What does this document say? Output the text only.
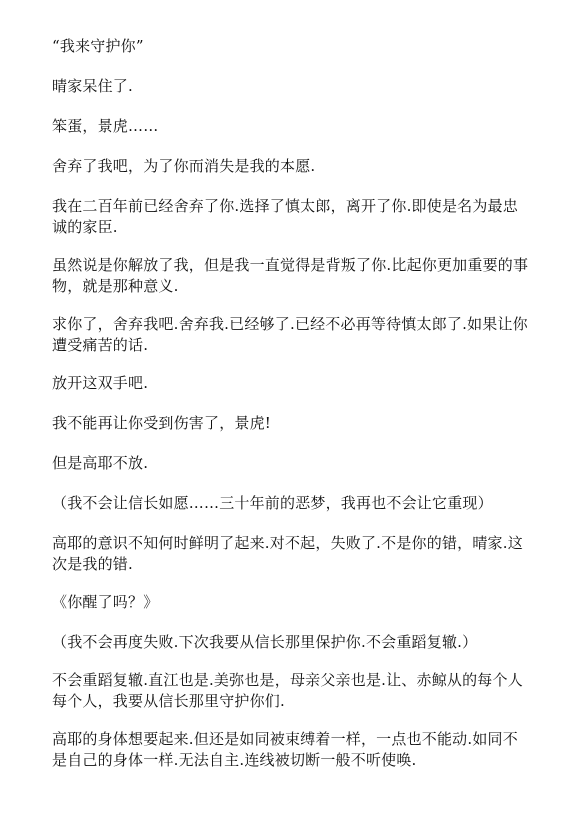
“我来守护你”

晴家呆住了.

笨蛋，景虎……

舍弃了我吧，为了你而消失是我的本愿.

我在二百年前已经舍弃了你.选择了慎太郎，离开了你.即使是名为最忠诚的家臣.

虽然说是你解放了我，但是我一直觉得是背叛了你.比起你更加重要的事物，就是那种意义.

求你了，舍弃我吧.舍弃我.已经够了.已经不必再等待慎太郎了.如果让你遭受痛苦的话.

放开这双手吧.

我不能再让你受到伤害了，景虎!

但是高耶不放.

（我不会让信长如愿……三十年前的恶梦，我再也不会让它重现）

高耶的意识不知何时鲜明了起来.对不起，失败了.不是你的错，晴家.这次是我的错.

《你醒了吗？》

（我不会再度失败.下次我要从信长那里保护你.不会重蹈复辙.）

不会重蹈复辙.直江也是.美弥也是，母亲父亲也是.让、赤鲸从的每个人每个人，我要从信长那里守护你们.

高耶的身体想要起来.但还是如同被束缚着一样，一点也不能动.如同不是自己的身体一样.无法自主.连线被切断一般不听使唤.
